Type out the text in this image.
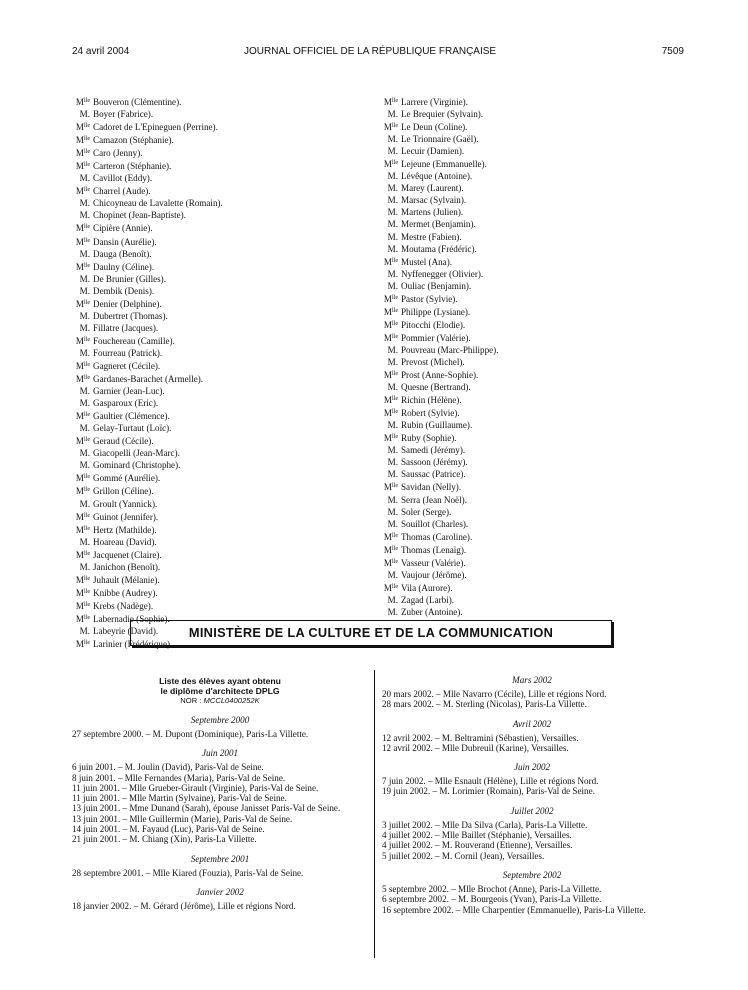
24 avril 2004	JOURNAL OFFICIEL DE LA RÉPUBLIQUE FRANÇAISE	7509
$M^{lle}$ Bouveron (Clémentine).
M. Boyer (Fabrice).
$M^{lle}$ Cadoret de L'Epineguen (Perrine).
$M^{lle}$ Camazon (Stéphanie).
$M^{lle}$ Caro (Jenny).
$M^{lle}$ Carteron (Stéphanie).
M. Cavillot (Eddy).
$M^{lle}$ Charrel (Aude).
M. Chicoyneau de Lavalette (Romain).
M. Chopinet (Jean-Baptiste).
$M^{lle}$ Cipière (Annie).
$M^{lle}$ Dansin (Aurélie).
M. Dauga (Benoît).
$M^{lle}$ Daulny (Céline).
M. De Brunier (Gilles).
M. Dembik (Denis).
$M^{lle}$ Denier (Delphine).
M. Dubertret (Thomas).
M. Fillatre (Jacques).
$M^{lle}$ Fouchereau (Camille).
M. Fourreau (Patrick).
$M^{lle}$ Gagneret (Cécile).
$M^{lle}$ Gardanes-Barachet (Armelle).
M. Garnier (Jean-Luc).
M. Gasparoux (Eric).
$M^{lle}$ Gaultier (Clémence).
M. Gelay-Turtaut (Loïc).
$M^{lle}$ Geraud (Cécile).
M. Giacopelli (Jean-Marc).
M. Gominard (Christophe).
$M^{lle}$ Gommé (Aurélie).
$M^{lle}$ Grillon (Céline).
M. Groult (Yannick).
$M^{lle}$ Guinot (Jennifer).
$M^{lle}$ Hertz (Mathilde).
M. Hoareau (David).
$M^{lle}$ Jacquenet (Claire).
M. Janichon (Benoît).
$M^{lle}$ Juhault (Mélanie).
$M^{lle}$ Knibbe (Audrey).
$M^{lle}$ Krebs (Nadège).
$M^{lle}$ Labernadie (Sophie).
M. Labeyrie (David).
$M^{lle}$ Larinier (Frédérique).
$M^{lle}$ Larrere (Virginie).
M. Le Brequier (Sylvain).
$M^{lle}$ Le Deun (Coline).
M. Le Trionnaire (Gaël).
M. Lecuir (Damien).
$M^{lle}$ Lejeune (Emmanuelle).
M. Lévêque (Antoine).
M. Marey (Laurent).
M. Marsac (Sylvain).
M. Martens (Julien).
M. Mermet (Benjamin).
M. Mestre (Fabien).
M. Moutama (Frédéric).
$M^{lle}$ Mustel (Ana).
M. Nyffenegger (Olivier).
M. Ouliac (Benjamin).
$M^{lle}$ Pastor (Sylvie).
$M^{lle}$ Philippe (Lysiane).
$M^{lle}$ Pitocchi (Elodie).
$M^{lle}$ Pommier (Valérie).
M. Pouvreau (Marc-Philippe).
M. Prevost (Michel).
$M^{lle}$ Prost (Anne-Sophie).
M. Quesne (Bertrand).
$M^{lle}$ Richin (Hélène).
$M^{lle}$ Robert (Sylvie).
M. Rubin (Guillaume).
$M^{lle}$ Ruby (Sophie).
M. Samedi (Jérémy).
M. Sassoon (Jérémy).
M. Saussac (Patrice).
$M^{lle}$ Savidan (Nelly).
M. Serra (Jean Noël).
M. Soler (Serge).
M. Souillot (Charles).
$M^{lle}$ Thomas (Caroline).
$M^{lle}$ Thomas (Lenaïg).
$M^{lle}$ Vasseur (Valérie).
M. Vaujour (Jérôme).
$M^{lle}$ Vila (Aurore).
M. Zagad (Larbi).
M. Zuber (Antoine).
MINISTÈRE DE LA CULTURE ET DE LA COMMUNICATION
Liste des élèves ayant obtenu
le diplôme d'architecte DPLG
NOR : MCCL0400252K
Septembre 2000
27 septembre 2000. – M. Dupont (Dominique), Paris-La Villette.
Juin 2001
6 juin 2001. – M. Joulin (David), Paris-Val de Seine.
8 juin 2001. – Mlle Fernandes (Maria), Paris-Val de Seine.
11 juin 2001. – Mlle Grueber-Girault (Virginie), Paris-Val de Seine.
11 juin 2001. – Mlle Martin (Sylvaine), Paris-Val de Seine.
13 juin 2001. – Mme Dunand (Sarah), épouse Janisset Paris-Val de Seine.
13 juin 2001. – Mlle Guillermin (Marie), Paris-Val de Seine.
14 juin 2001. – M. Fayaud (Luc), Paris-Val de Seine.
21 juin 2001. – M. Chiang (Xin), Paris-La Villette.
Septembre 2001
28 septembre 2001. – Mlle Kiared (Fouzia), Paris-Val de Seine.
Janvier 2002
18 janvier 2002. – M. Gérard (Jérôme), Lille et régions Nord.
Mars 2002
20 mars 2002. – Mlle Navarro (Cécile), Lille et régions Nord.
28 mars 2002. – M. Sterling (Nicolas), Paris-La Villette.
Avril 2002
12 avril 2002. – M. Beltramini (Sébastien), Versailles.
12 avril 2002. – Mlle Dubreuil (Karine), Versailles.
Juin 2002
7 juin 2002. – Mlle Esnault (Hélène), Lille et régions Nord.
19 juin 2002. – M. Lorimier (Romain), Paris-Val de Seine.
Juillet 2002
3 juillet 2002. – Mlle Da Silva (Carla), Paris-La Villette.
4 juillet 2002. – Mlle Baillet (Stéphanie), Versailles.
4 juillet 2002. – M. Rouverand (Etienne), Versailles.
5 juillet 2002. – M. Cornil (Jean), Versailles.
Septembre 2002
5 septembre 2002. – Mlle Brochot (Anne), Paris-La Villette.
6 septembre 2002. – M. Bourgeois (Yvan), Paris-La Villette.
16 septembre 2002. – Mlle Charpentier (Emmanuelle), Paris-La Villette.
